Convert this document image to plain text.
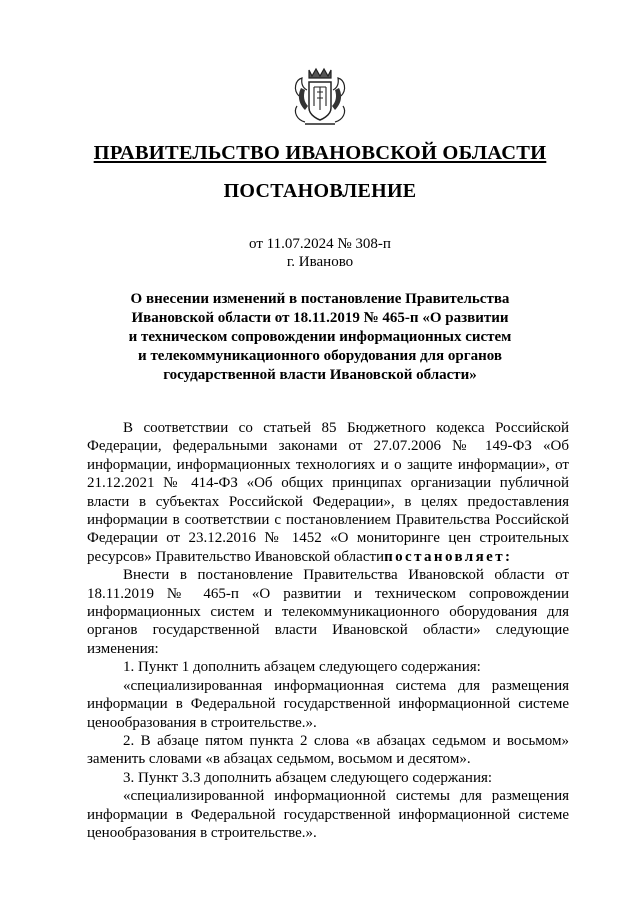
ПРАВИТЕЛЬСТВО ИВАНОВСКОЙ ОБЛАСТИ
ПОСТАНОВЛЕНИЕ
от 11.07.2024 № 308-п
г. Иваново
О внесении изменений в постановление Правительства
Ивановской области от 18.11.2019 № 465-п «О развитии
и техническом сопровождении информационных систем
и телекоммуникационного оборудования для органов
государственной власти Ивановской области»

В соответствии со статьей 85 Бюджетного кодекса Российской Федерации, федеральными законами от 27.07.2006 № 149-ФЗ «Об информации, информационных технологиях и о защите информации», от 21.12.2021 № 414-ФЗ «Об общих принципах организации публичной власти в субъектах Российской Федерации», в целях предоставления информации в соответствии с постановлением Правительства Российской Федерации от 23.12.2016 № 1452 «О мониторинге цен строительных ресурсов» Правительство Ивановской областипостановляет:

Внести в постановление Правительства Ивановской области от 18.11.2019 № 465-п «О развитии и техническом сопровождении информационных систем и телекоммуникационного оборудования для органов государственной власти Ивановской области» следующие изменения:

1. Пункт 1 дополнить абзацем следующего содержания:

«специализированная информационная система для размещения информации в Федеральной государственной информационной системе ценообразования в строительстве.».

2. В абзаце пятом пункта 2 слова «в абзацах седьмом и восьмом» заменить словами «в абзацах седьмом, восьмом и десятом».

3. Пункт 3.3 дополнить абзацем следующего содержания:

«специализированной информационной системы для размещения информации в Федеральной государственной информационной системе ценообразования в строительстве.».
